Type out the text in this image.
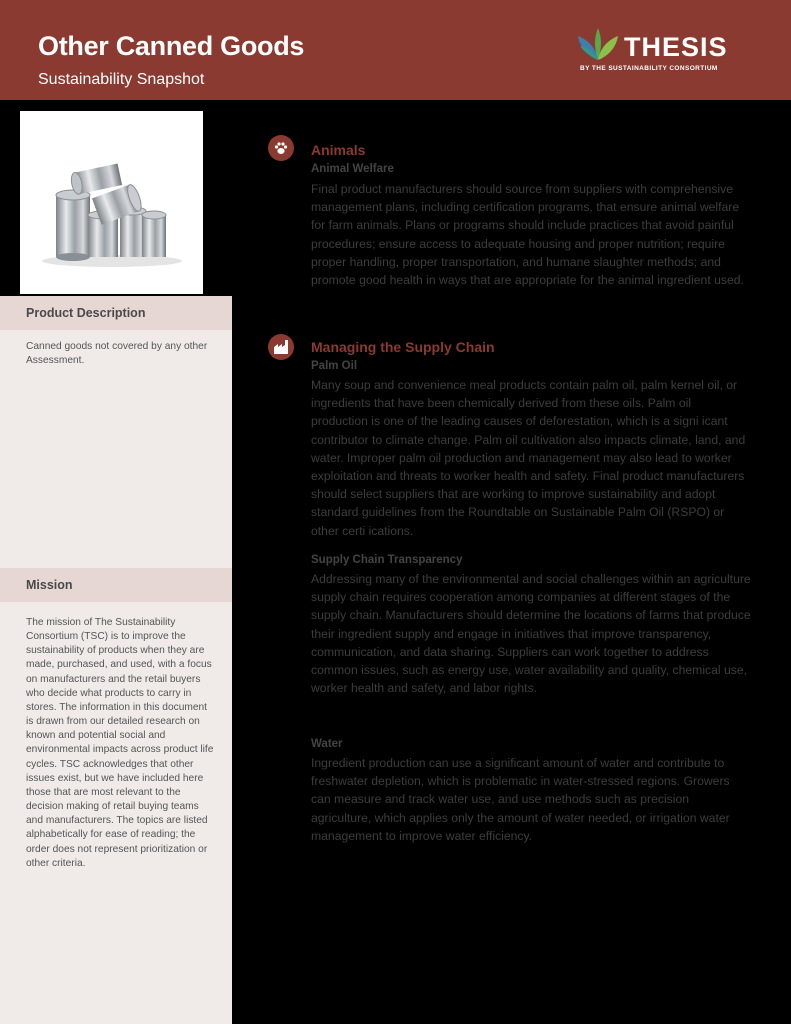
Other Canned Goods
Sustainability Snapshot
THESIS
BY THE SUSTAINABILITY CONSORTIUM
Product Description
Canned goods not covered by any other Assessment.
Mission
The mission of The Sustainability Consortium (TSC) is to improve the sustainability of products when they are made, purchased, and used, with a focus on manufacturers and the retail buyers who decide what products to carry in stores. The information in this document is drawn from our detailed research on known and potential social and environmental impacts across product life cycles. TSC acknowledges that other issues exist, but we have included here those that are most relevant to the decision making of retail buying teams and manufacturers. The topics are listed alphabetically for ease of reading; the order does not represent prioritization or other criteria.
Animals
Animal Welfare
Final product manufacturers should source from suppliers with comprehensive management plans, including certification programs, that ensure animal welfare for farm animals. Plans or programs should include practices that avoid painful procedures; ensure access to adequate housing and proper nutrition; require proper handling, proper transportation, and humane slaughter methods; and promote good health in ways that are appropriate for the animal ingredient used.
Managing the Supply Chain
Palm Oil
Many soup and convenience meal products contain palm oil, palm kernel oil, or ingredients that have been chemically derived from these oils. Palm oil production is one of the leading causes of deforestation, which is a signi icant contributor to climate change. Palm oil cultivation also impacts climate, land, and water. Improper palm oil production and management may also lead to worker exploitation and threats to worker health and safety. Final product manufacturers should select suppliers that are working to improve sustainability and adopt standard guidelines from the Roundtable on Sustainable Palm Oil (RSPO) or other certi ications.
Supply Chain Transparency
Addressing many of the environmental and social challenges within an agriculture supply chain requires cooperation among companies at different stages of the supply chain. Manufacturers should determine the locations of farms that produce their ingredient supply and engage in initiatives that improve transparency, communication, and data sharing. Suppliers can work together to address common issues, such as energy use, water availability and quality, chemical use, worker health and safety, and labor rights.
Water
Ingredient production can use a significant amount of water and contribute to freshwater depletion, which is problematic in water-stressed regions. Growers can measure and track water use, and use methods such as precision agriculture, which applies only the amount of water needed, or irrigation water management to improve water efficiency.
